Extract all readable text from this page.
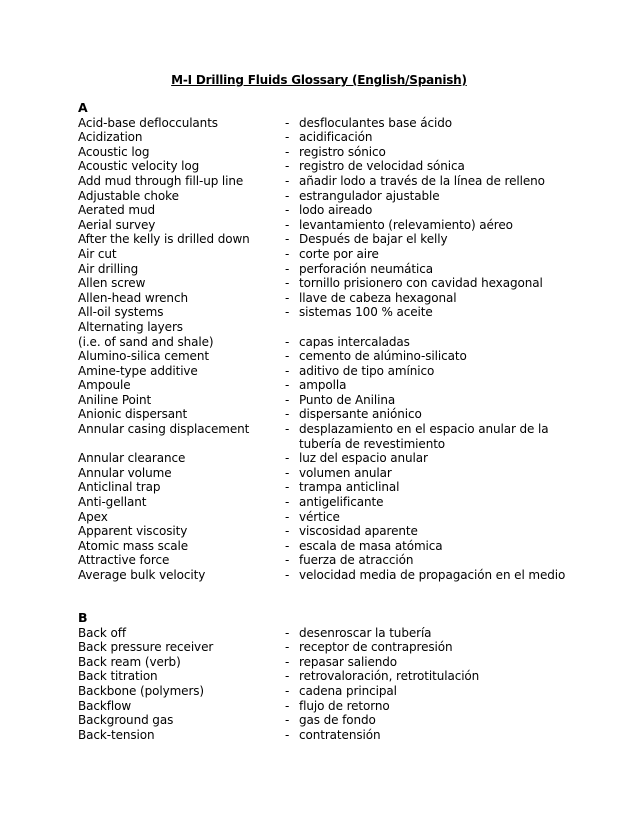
M-I Drilling Fluids Glossary (English/Spanish)
A
Acid-base deflocculants	- desfloculantes base ácido
Acidization	- acidificación
Acoustic log	- registro sónico
Acoustic velocity log	- registro de velocidad sónica
Add mud through fill-up line	- añadir lodo a través de la línea de relleno
Adjustable choke	- estrangulador ajustable
Aerated mud	- lodo aireado
Aerial survey	- levantamiento (relevamiento) aéreo
After the kelly is drilled down	- Después de bajar el kelly
Air cut	- corte por aire
Air drilling	- perforación neumática
Allen screw	- tornillo prisionero con cavidad hexagonal
Allen-head wrench	- llave de cabeza hexagonal
All-oil systems	- sistemas 100 % aceite
Alternating layers
(i.e. of sand and shale)	- capas intercaladas
Alumino-silica cement	- cemento de alúmino-silicato
Amine-type additive	- aditivo de tipo amínico
Ampoule	- ampolla
Aniline Point	- Punto de Anilina
Anionic dispersant	- dispersante aniónico
Annular casing displacement	- desplazamiento en el espacio anular de la tubería de revestimiento
Annular clearance	- luz del espacio anular
Annular volume	- volumen anular
Anticlinal trap	- trampa anticlinal
Anti-gellant	- antigelificante
Apex	- vértice
Apparent viscosity	- viscosidad aparente
Atomic mass scale	- escala de masa atómica
Attractive force	- fuerza de atracción
Average bulk velocity	- velocidad media de propagación en el medio
B
Back off	- desenroscar la tubería
Back pressure receiver	- receptor de contrapresión
Back ream (verb)	- repasar saliendo
Back titration	- retrovaloración, retrotitulación
Backbone (polymers)	- cadena principal
Backflow	- flujo de retorno
Background gas	- gas de fondo
Back-tension	- contratensión
